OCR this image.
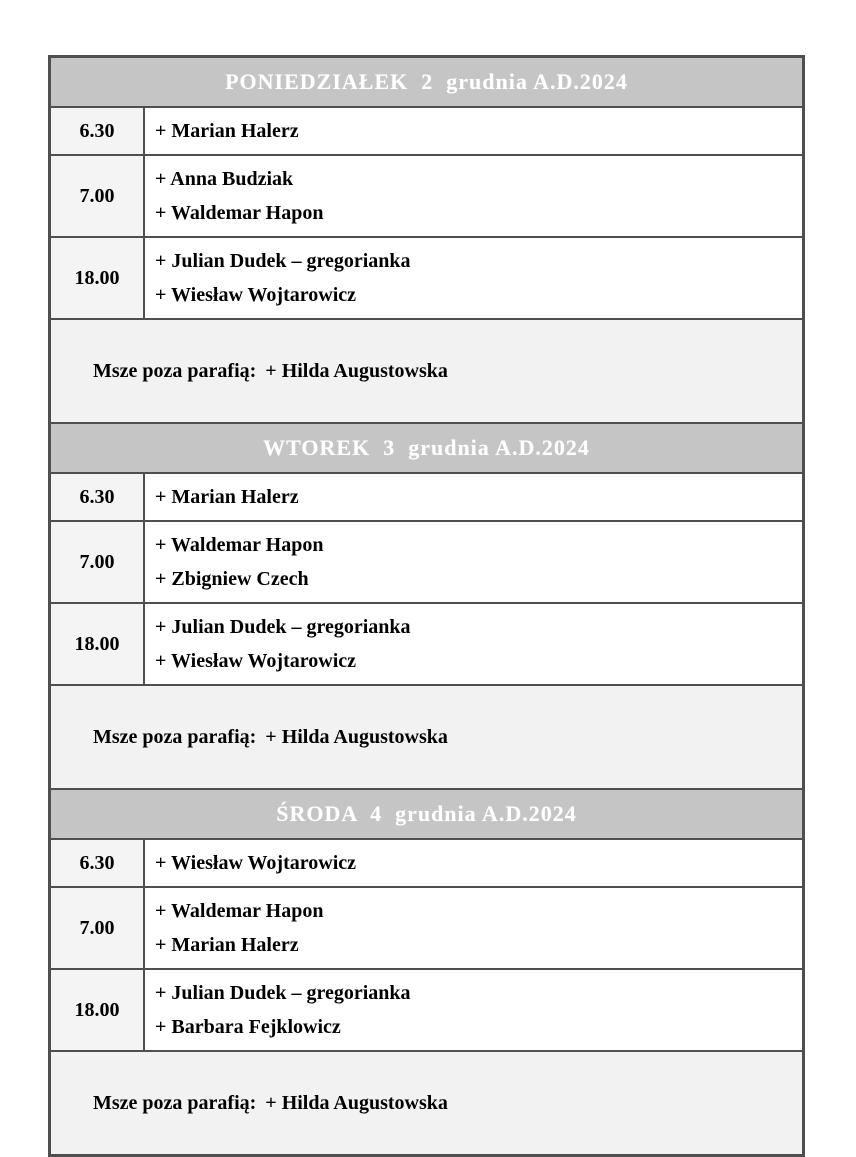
PONIEDZIAŁEK  2  grudnia A.D.2024
6.30	+ Marian Halerz
7.00
+ Anna Budziak
+ Waldemar Hapon
18.00
+ Julian Dudek – gregorianka
+ Wiesław Wojtarowicz

Msze poza parafią: + Hilda Augustowska

WTOREK  3  grudnia A.D.2024
6.30	+ Marian Halerz
7.00
+ Waldemar Hapon
+ Zbigniew Czech
18.00
+ Julian Dudek – gregorianka
+ Wiesław Wojtarowicz

Msze poza parafią: + Hilda Augustowska

ŚRODA  4  grudnia A.D.2024
6.30	+ Wiesław Wojtarowicz
7.00
+ Waldemar Hapon
+ Marian Halerz
18.00
+ Julian Dudek – gregorianka
+ Barbara Fejklowicz

Msze poza parafią: + Hilda Augustowska
